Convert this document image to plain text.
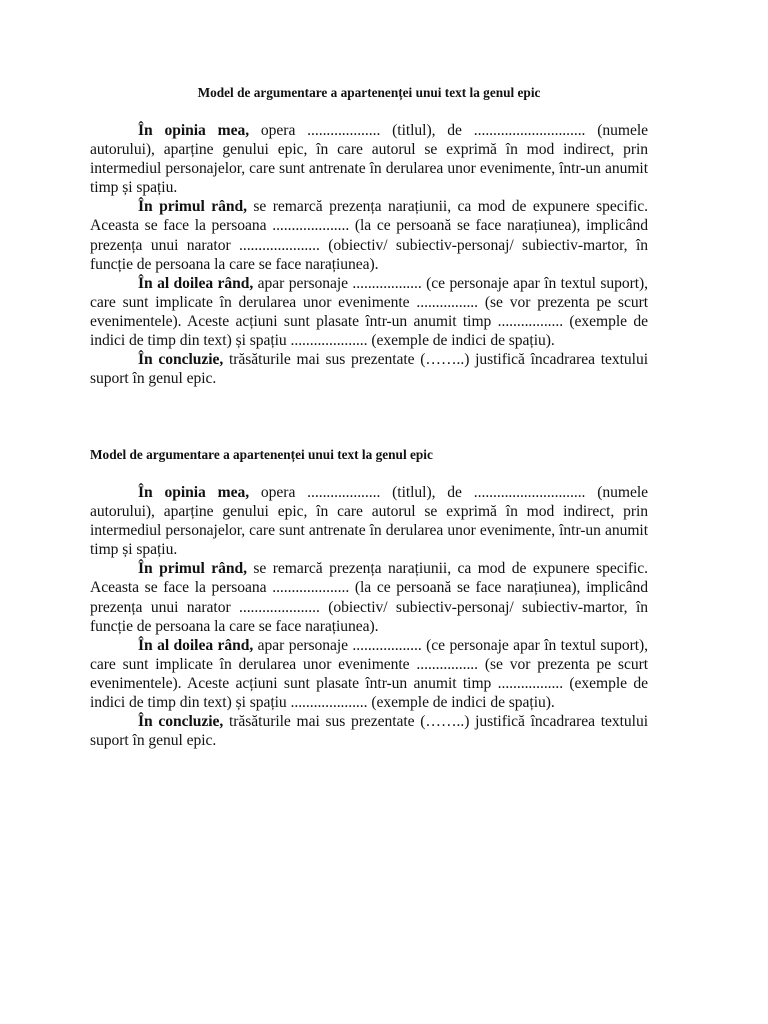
Model de argumentare a apartenenței unui text la genul epic

În opinia mea, opera ................... (titlul), de ............................. (numele autorului), aparține genului epic, în care autorul se exprimă în mod indirect, prin intermediul personajelor, care sunt antrenate în derularea unor evenimente, într-un anumit timp și spațiu.

În primul rând, se remarcă prezența narațiunii, ca mod de expunere specific. Aceasta se face la persoana .................... (la ce persoană se face narațiunea), implicând prezența unui narator ..................... (obiectiv/ subiectiv-personaj/ subiectiv-martor, în funcție de persoana la care se face narațiunea).

În al doilea rând, apar personaje .................. (ce personaje apar în textul suport), care sunt implicate în derularea unor evenimente ................ (se vor prezenta pe scurt evenimentele). Aceste acțiuni sunt plasate într-un anumit timp ................. (exemple de indici de timp din text) și spațiu .................... (exemple de indici de spațiu).

În concluzie, trăsăturile mai sus prezentate (……..) justifică încadrarea textului suport în genul epic.

Model de argumentare a apartenenței unui text la genul epic

În opinia mea, opera ................... (titlul), de ............................. (numele autorului), aparține genului epic, în care autorul se exprimă în mod indirect, prin intermediul personajelor, care sunt antrenate în derularea unor evenimente, într-un anumit timp și spațiu.

În primul rând, se remarcă prezența narațiunii, ca mod de expunere specific. Aceasta se face la persoana .................... (la ce persoană se face narațiunea), implicând prezența unui narator ..................... (obiectiv/ subiectiv-personaj/ subiectiv-martor, în funcție de persoana la care se face narațiunea).

În al doilea rând, apar personaje .................. (ce personaje apar în textul suport), care sunt implicate în derularea unor evenimente ................ (se vor prezenta pe scurt evenimentele). Aceste acțiuni sunt plasate într-un anumit timp ................. (exemple de indici de timp din text) și spațiu .................... (exemple de indici de spațiu).

În concluzie, trăsăturile mai sus prezentate (……..) justifică încadrarea textului suport în genul epic.
